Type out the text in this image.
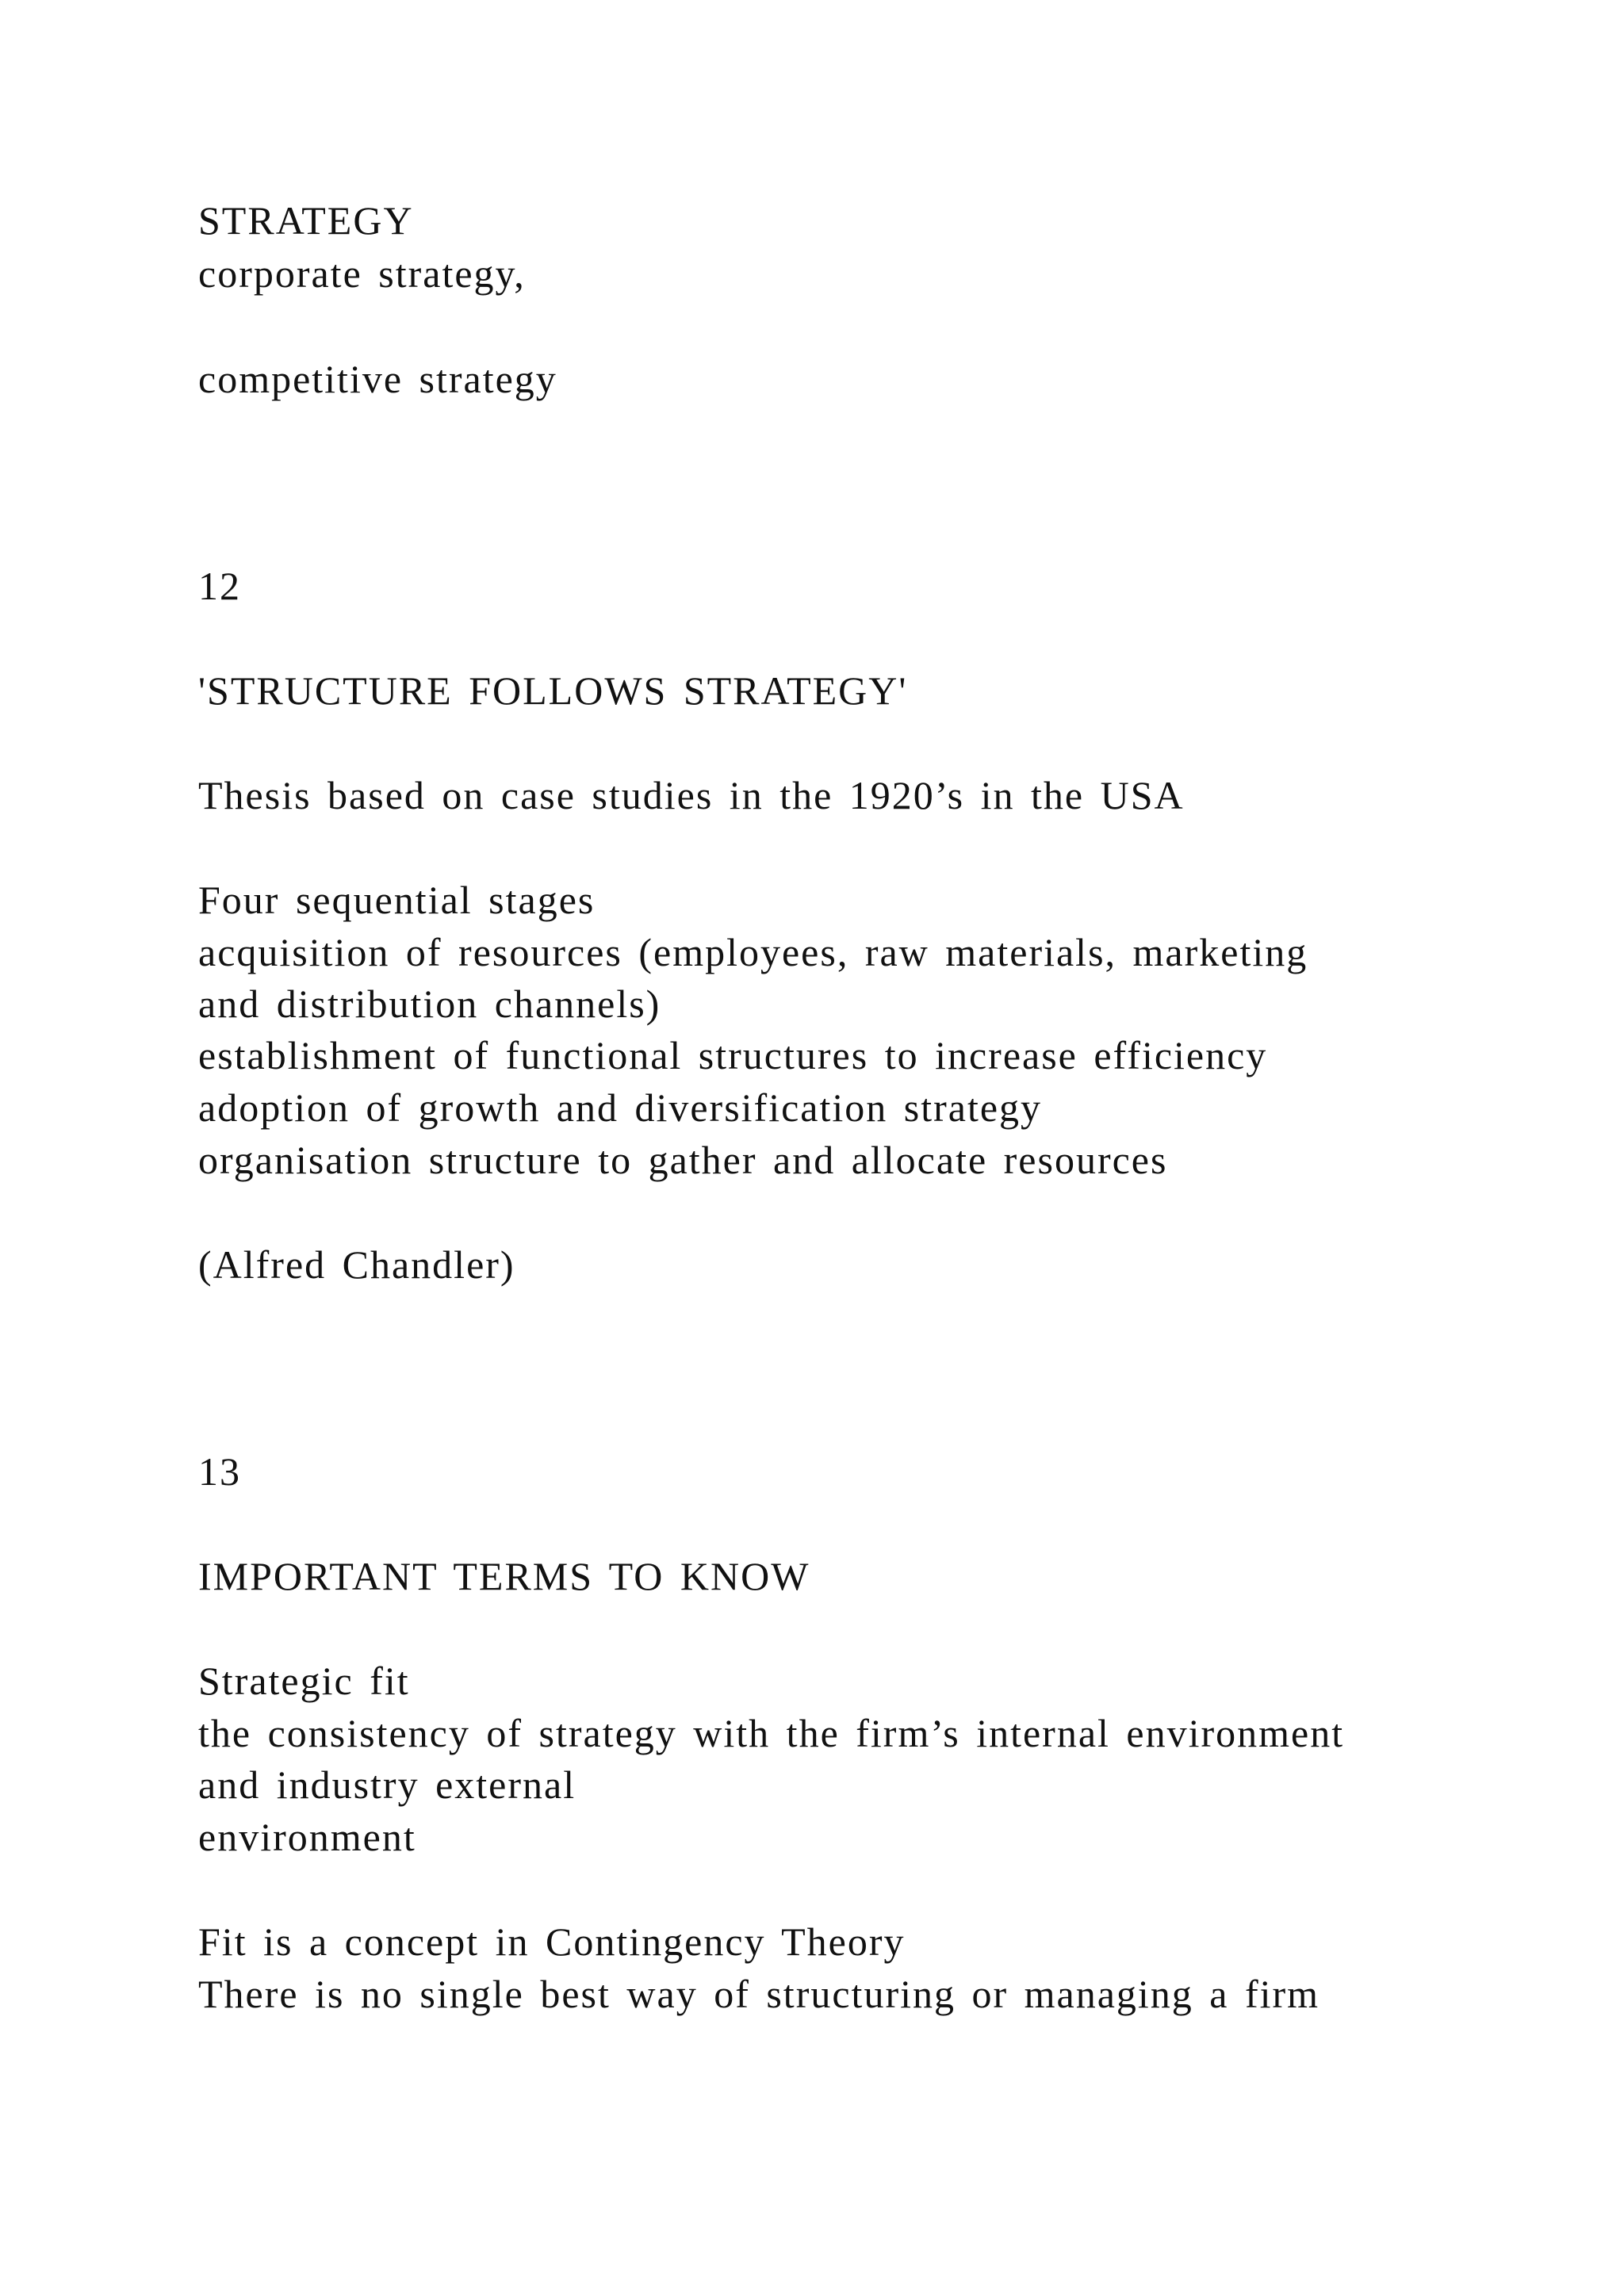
STRATEGY
corporate strategy,
competitive strategy
12
'STRUCTURE FOLLOWS STRATEGY'
Thesis based on case studies in the 1920’s in the USA
Four sequential stages
acquisition of resources (employees, raw materials, marketing
and distribution channels)
establishment of functional structures to increase efficiency
adoption of growth and diversification strategy
organisation structure to gather and allocate resources
(Alfred Chandler)
13
IMPORTANT TERMS TO KNOW
Strategic fit
the consistency of strategy with the firm’s internal environment
and industry external
environment
Fit is a concept in Contingency Theory
There is no single best way of structuring or managing a firm
